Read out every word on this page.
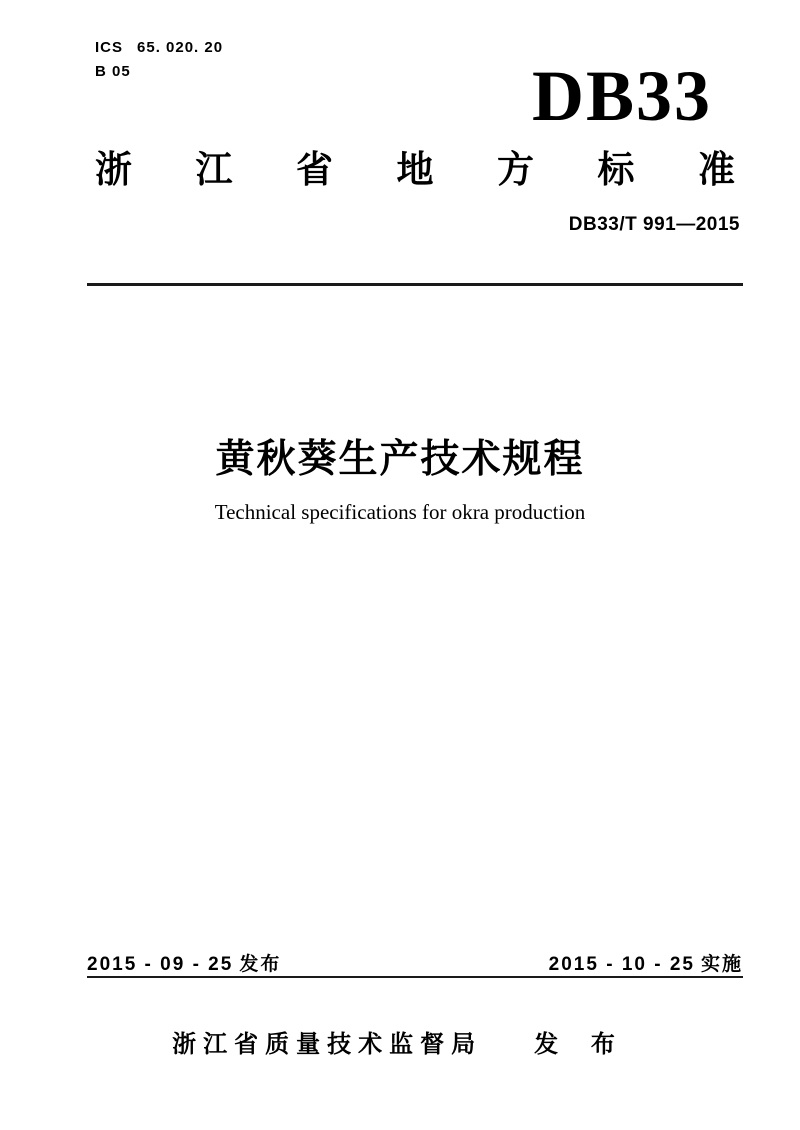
ICS 65. 020. 20
B 05	DB33
浙 江 省 地 方 标 准
DB33/T 991—2015
黄秋葵生产技术规程
Technical specifications for okra production
2015 - 09 - 25 发布	2015 - 10 - 25 实施
浙江省质量技术监督局 发 布
